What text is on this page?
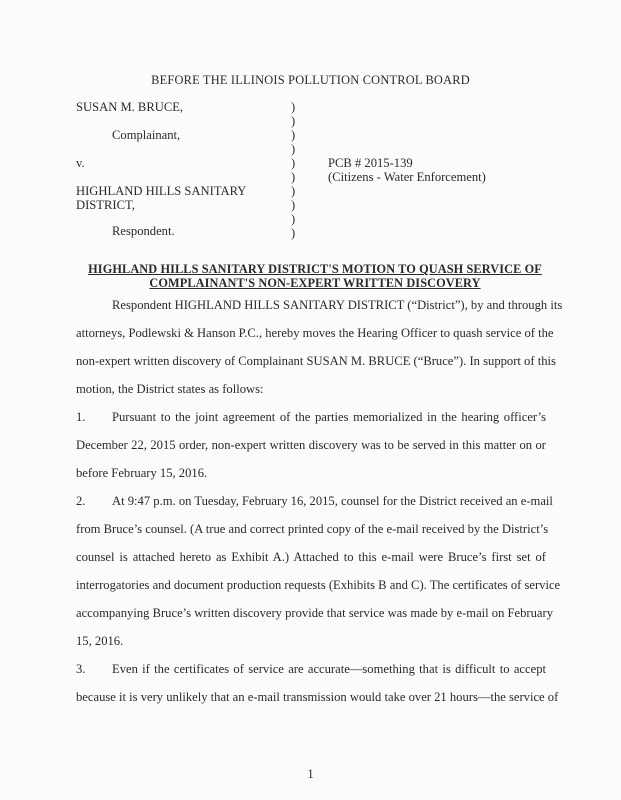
BEFORE THE ILLINOIS POLLUTION CONTROL BOARD
SUSAN M. BRUCE,
Complainant,
v.
HIGHLAND HILLS SANITARY
DISTRICT,
Respondent.
)
)
)
)
)
)
)
)
)
)
PCB # 2015-139
(Citizens - Water Enforcement)
HIGHLAND HILLS SANITARY DISTRICT'S MOTION TO QUASH SERVICE OF
COMPLAINANT'S NON-EXPERT WRITTEN DISCOVERY
Respondent HIGHLAND HILLS SANITARY DISTRICT (“District”), by and through its
attorneys, Podlewski & Hanson P.C., hereby moves the Hearing Officer to quash service of the
non-expert written discovery of Complainant SUSAN M. BRUCE (“Bruce”). In support of this
motion, the District states as follows:
1. Pursuant to the joint agreement of the parties memorialized in the hearing officer’s
December 22, 2015 order, non-expert written discovery was to be served in this matter on or
before February 15, 2016.
2. At 9:47 p.m. on Tuesday, February 16, 2015, counsel for the District received an e-mail
from Bruce’s counsel. (A true and correct printed copy of the e-mail received by the District’s
counsel is attached hereto as Exhibit A.) Attached to this e-mail were Bruce’s first set of
interrogatories and document production requests (Exhibits B and C). The certificates of service
accompanying Bruce’s written discovery provide that service was made by e-mail on February
15, 2016.
3. Even if the certificates of service are accurate—something that is difficult to accept
because it is very unlikely that an e-mail transmission would take over 21 hours—the service of
1
